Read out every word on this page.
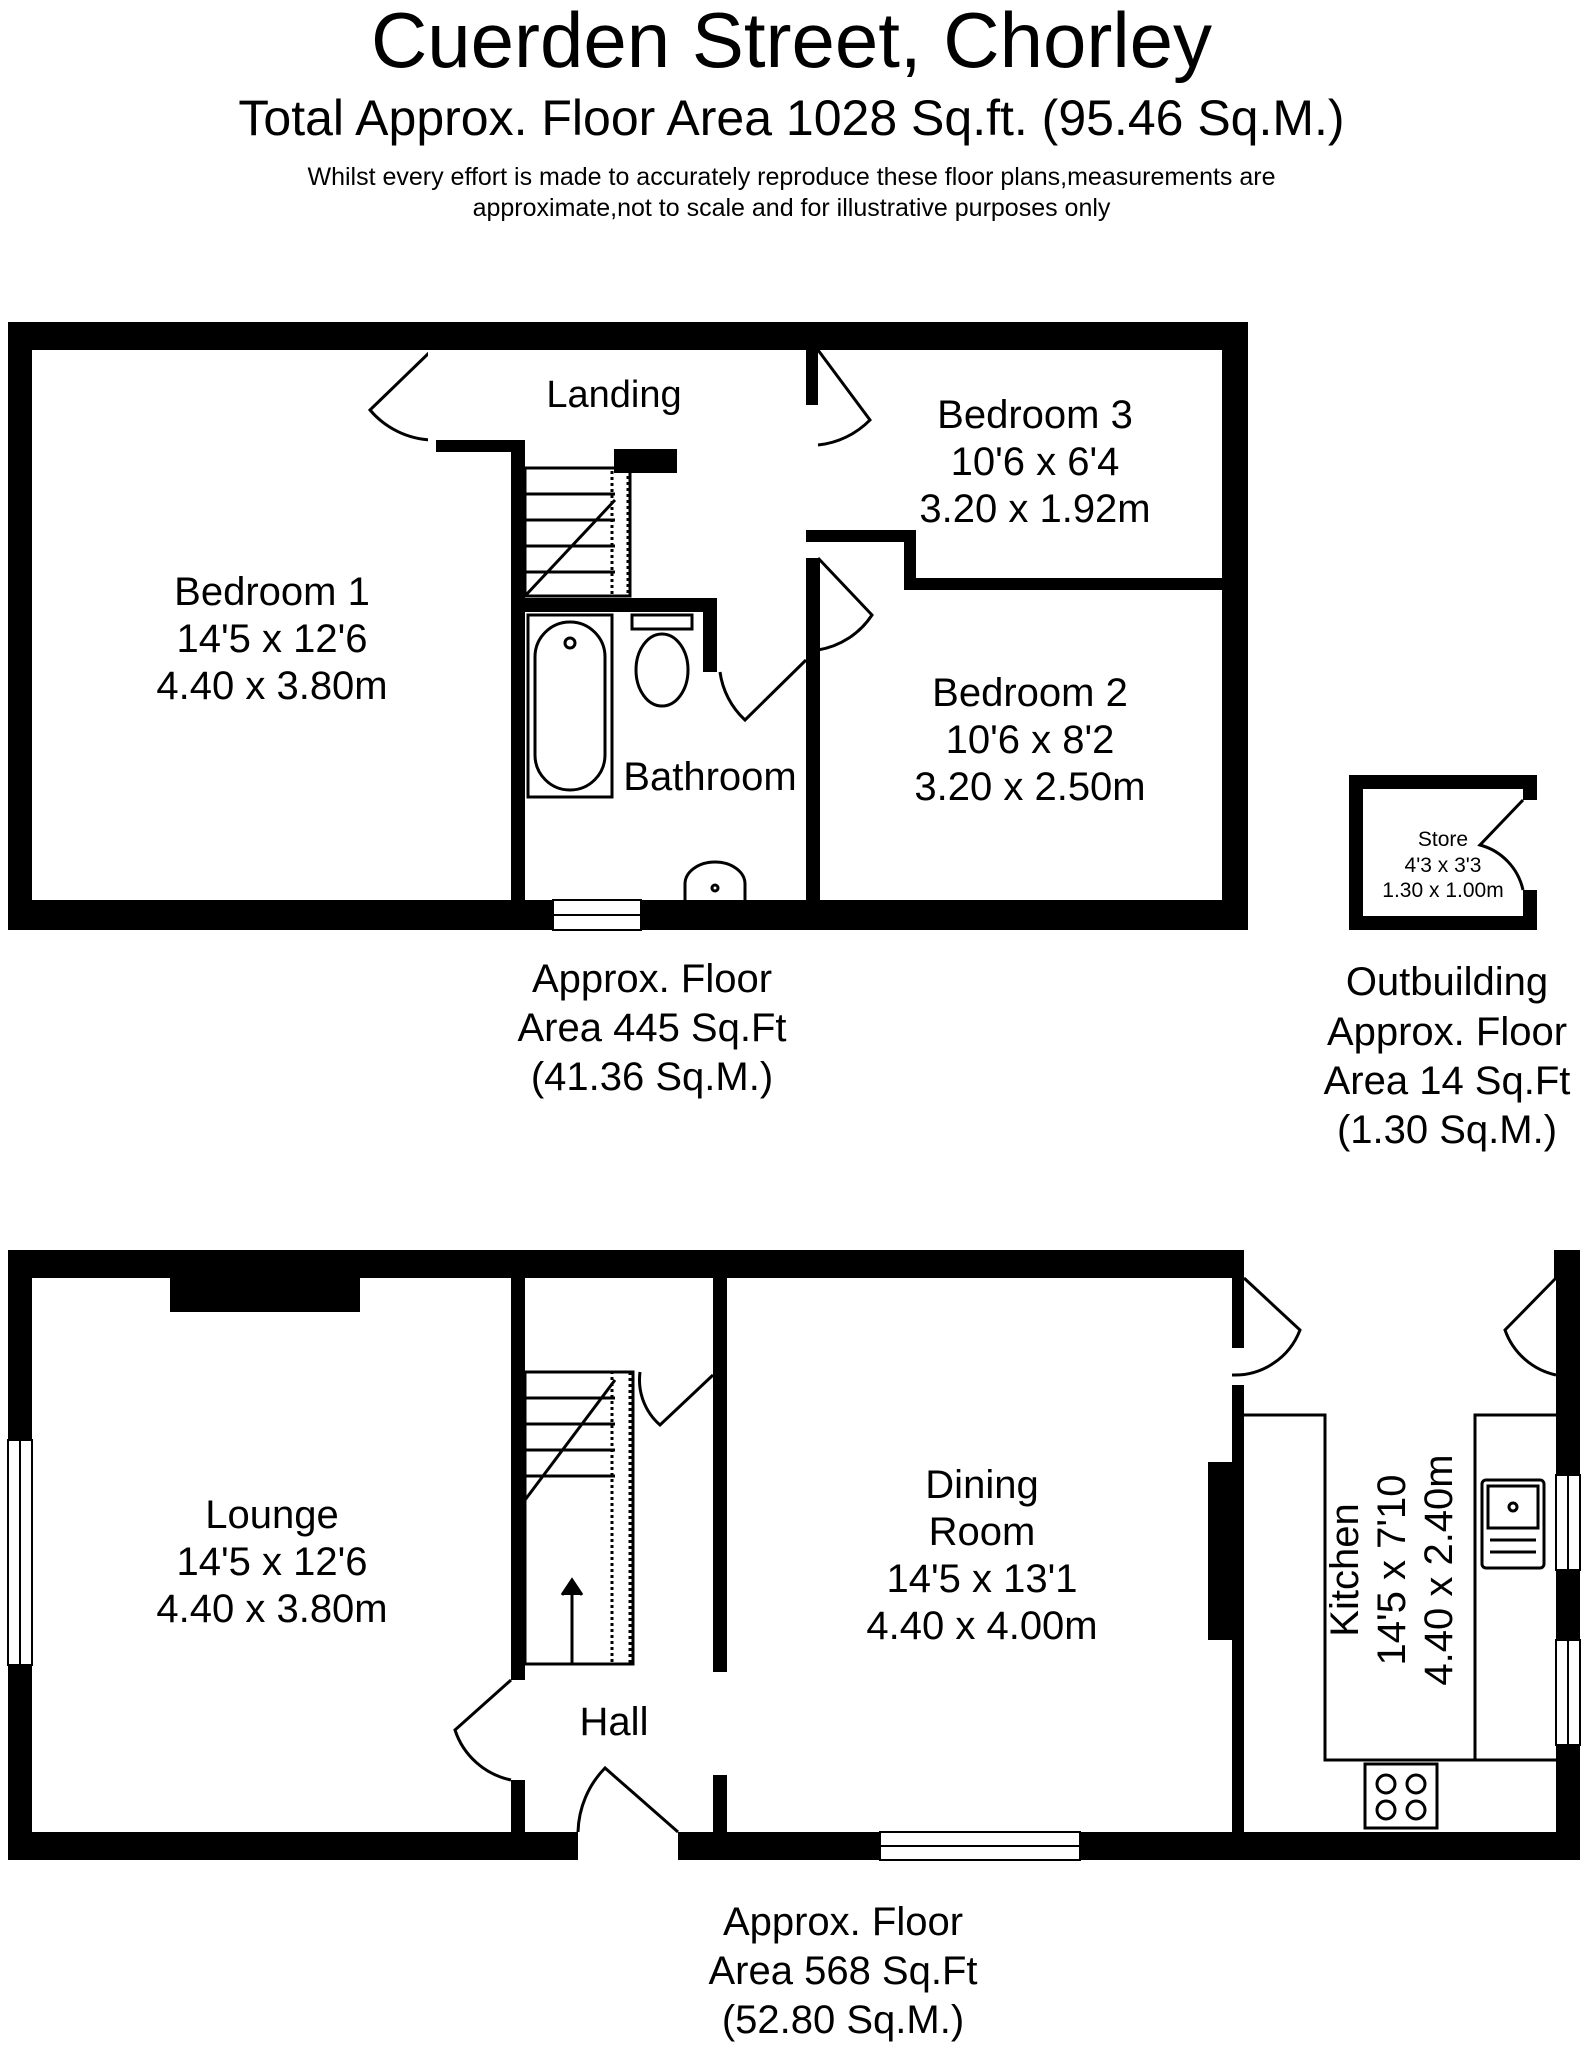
Cuerden Street, Chorley
Total Approx. Floor Area 1028 Sq.ft. (95.46 Sq.M.)
Whilst every effort is made to accurately reproduce these floor plans,measurements are
approximate,not to scale and for illustrative purposes only
Landing
Bedroom 1
14'5 x 12'6
4.40 x 3.80m
Bedroom 3
10'6 x 6'4
3.20 x 1.92m
Bedroom 2
10'6 x 8'2
3.20 x 2.50m
Bathroom
Approx. Floor
Area 445 Sq.Ft
(41.36 Sq.M.)
Store
4'3 x 3'3
1.30 x 1.00m
Outbuilding
Approx. Floor
Area 14 Sq.Ft
(1.30 Sq.M.)
Lounge
14'5 x 12'6
4.40 x 3.80m
Dining
Room
14'5 x 13'1
4.40 x 4.00m
Hall
Kitchen 14'5 x 7'10 4.40 x 2.40m
Approx. Floor
Area 568 Sq.Ft
(52.80 Sq.M.)
